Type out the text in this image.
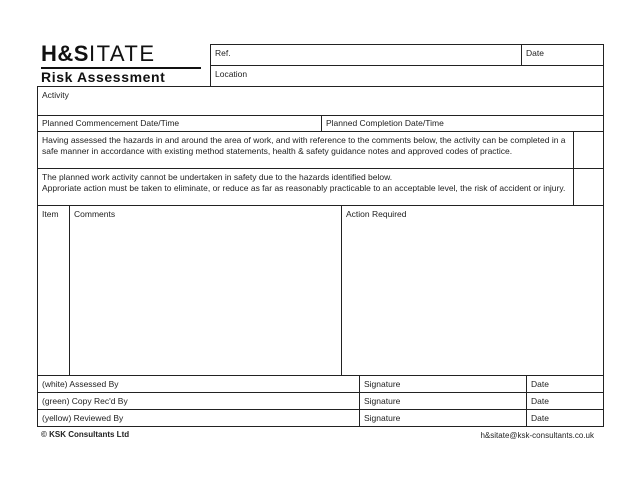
H&SITATE
Risk Assessment
Ref.	Date
Location
Activity
Planned Commencement Date/Time	Planned Completion Date/Time
Having assessed the hazards in and around the area of work, and with reference to the comments below, the activity can be completed in a safe manner in accordance with existing method statements, health & safety guidance notes and approved codes of practice.
The planned work activity cannot be undertaken in safety due to the hazards identified below.
Approriate action must be taken to eliminate, or reduce as far as reasonably practicable to an acceptable level, the risk of accident or injury.
Item	Comments	Action Required
(white) Assessed By	Signature	Date
(green) Copy Rec'd By	Signature	Date
(yellow) Reviewed By	Signature	Date
© KSK Consultants Ltd	h&sitate@ksk-consultants.co.uk
